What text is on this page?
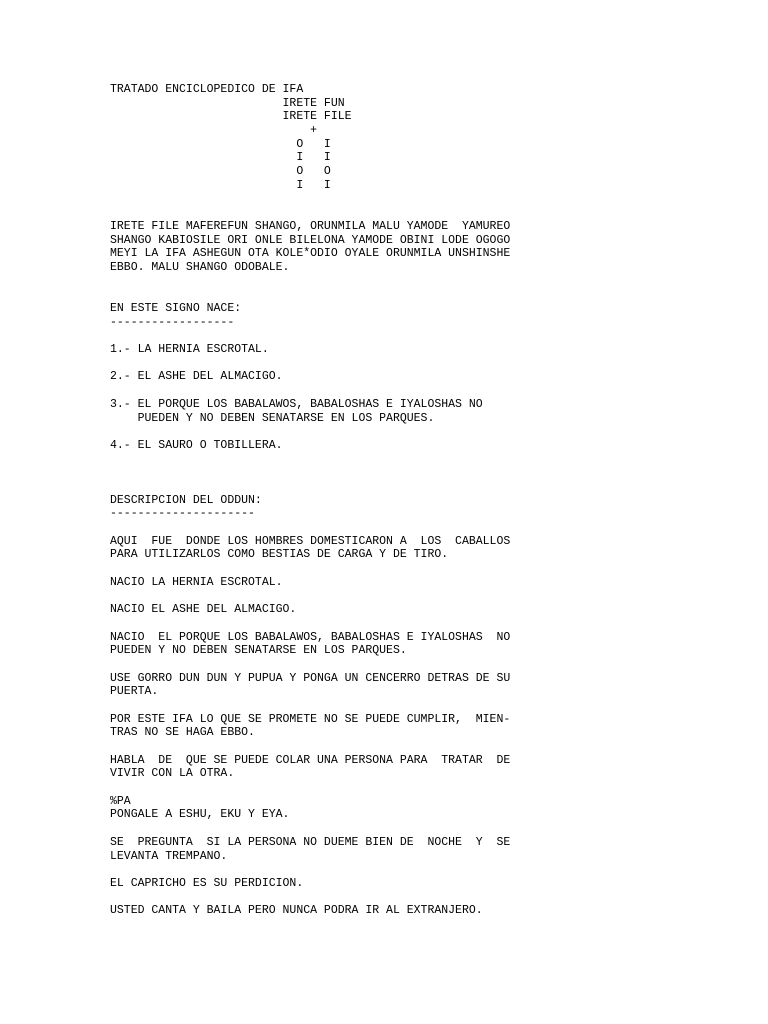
TRATADO ENCICLOPEDICO DE IFA
IRETE FUN
IRETE FILE
+
O   I
I   I
O   O
I   I
IRETE FILE MAFEREFUN SHANGO, ORUNMILA MALU YAMODE  YAMUREO
SHANGO KABIOSILE ORI ONLE BILELONA YAMODE OBINI LODE OGOGO
MEYI LA IFA ASHEGUN OTA KOLE*ODIO OYALE ORUNMILA UNSHINSHE
EBBO. MALU SHANGO ODOBALE.
EN ESTE SIGNO NACE:
------------------
1.- LA HERNIA ESCROTAL.
2.- EL ASHE DEL ALMACIGO.
3.- EL PORQUE LOS BABALAWOS, BABALOSHAS E IYALOSHAS NO
PUEDEN Y NO DEBEN SENATARSE EN LOS PARQUES.
4.- EL SAURO O TOBILLERA.
DESCRIPCION DEL ODDUN:
---------------------
AQUI  FUE  DONDE LOS HOMBRES DOMESTICARON A  LOS  CABALLOS
PARA UTILIZARLOS COMO BESTIAS DE CARGA Y DE TIRO.
NACIO LA HERNIA ESCROTAL.
NACIO EL ASHE DEL ALMACIGO.
NACIO  EL PORQUE LOS BABALAWOS, BABALOSHAS E IYALOSHAS  NO
PUEDEN Y NO DEBEN SENATARSE EN LOS PARQUES.
USE GORRO DUN DUN Y PUPUA Y PONGA UN CENCERRO DETRAS DE SU
PUERTA.
POR ESTE IFA LO QUE SE PROMETE NO SE PUEDE CUMPLIR,  MIEN-
TRAS NO SE HAGA EBBO.
HABLA  DE  QUE SE PUEDE COLAR UNA PERSONA PARA  TRATAR  DE
VIVIR CON LA OTRA.
%PA
PONGALE A ESHU, EKU Y EYA.
SE  PREGUNTA  SI LA PERSONA NO DUEME BIEN DE  NOCHE  Y  SE
LEVANTA TREMPANO.
EL CAPRICHO ES SU PERDICION.
USTED CANTA Y BAILA PERO NUNCA PODRA IR AL EXTRANJERO.
